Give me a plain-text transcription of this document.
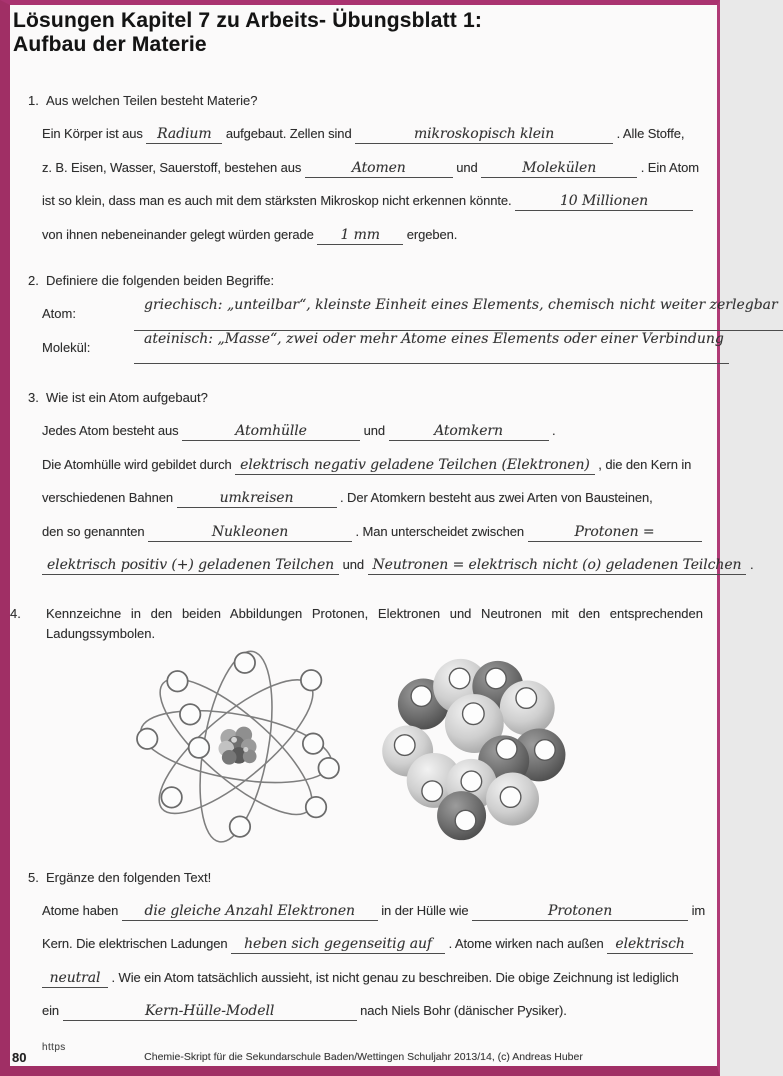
Lösungen Kapitel 7 zu Arbeits- Übungsblatt 1:
Aufbau der Materie

1. Aus welchen Teilen besteht Materie?

Ein Körper ist aus Radium aufgebaut. Zellen sind	mikroskopisch klein	. Alle Stoffe,

z. B. Eisen, Wasser, Sauerstoff, bestehen aus	Atomen	und	Molekülen	. Ein Atom

ist so klein, dass man es auch mit dem stärksten Mikroskop nicht erkennen könnte.	10 Millionen

von ihnen nebeneinander gelegt würden gerade 1 mm ergeben.

2. Definiere die folgenden beiden Begriffe:

Atom:
griechisch: „unteilbar“, kleinste Einheit eines Elements, chemisch nicht weiter zerlegbar

Molekül:
ateinisch: „Masse“, zwei oder mehr Atome eines Elements oder einer Verbindung

3. Wie ist ein Atom aufgebaut?

Jedes Atom besteht aus	Atomhülle	und	Atomkern	.

Die Atomhülle wird gebildet durch elektrisch negativ geladene Teilchen (Elektronen) , die den Kern in

verschiedenen Bahnen	umkreisen	. Der Atomkern besteht aus zwei Arten von Bausteinen,

den so genannten	Nukleonen	. Man unterscheidet zwischen	Protonen =

elektrisch positiv (+) geladenen Teilchen und Neutronen = elektrisch nicht (o) geladenen Teilchen .

4. Kennzeichne in den beiden Abbildungen Protonen, Elektronen und Neutronen mit den entsprechenden Ladungssymbolen.

5. Ergänze den folgenden Text!

Atome haben die gleiche Anzahl Elektronen in der Hülle wie	Protonen	im

Kern. Die elektrischen Ladungen heben sich gegenseitig auf . Atome wirken nach außen elektrisch

neutral . Wie ein Atom tatsächlich aussieht, ist nicht genau zu beschreiben. Die obige Zeichnung ist lediglich

ein	Kern-Hülle-Modell	nach Niels Bohr (dänischer Pysiker).

https

80	Chemie-Skript für die Sekundarschule Baden/Wettingen Schuljahr 2013/14, (c) Andreas Huber
